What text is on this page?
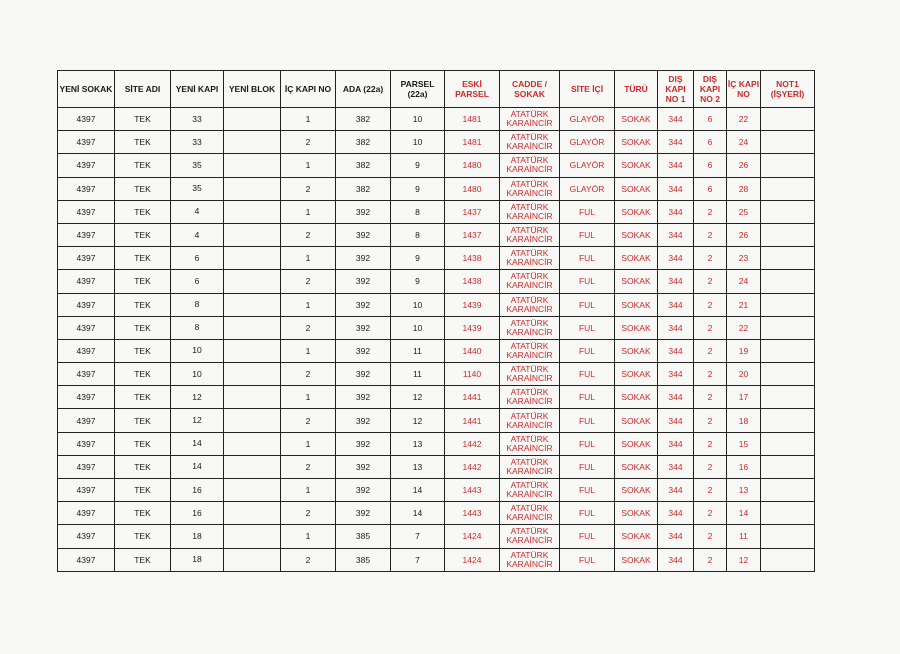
YENİ SOKAK	SİTE ADI	YENİ KAPI	YENİ BLOK	İÇ KAPI NO	ADA (22a)	PARSEL (22a)	ESKİ PARSEL	CADDE / SOKAK	SİTE İÇİ	TÜRÜ	DIŞ KAPI NO 1	DIŞ KAPI NO 2	İÇ KAPI NO	NOT1 (İŞYERİ)
4397	TEK	33		1	382	10	1481	ATATÜRK KARAİNCİR	GLAYÖR	SOKAK	344	6	22	
4397	TEK	33		2	382	10	1481	ATATÜRK KARAİNCİR	GLAYÖR	SOKAK	344	6	24	
4397	TEK	35		1	382	9	1480	ATATÜRK KARAİNCİR	GLAYÖR	SOKAK	344	6	26	
4397	TEK	35		2	382	9	1480	ATATÜRK KARAİNCİR	GLAYÖR	SOKAK	344	6	28	
4397	TEK	4		1	392	8	1437	ATATÜRK KARAİNCİR	FUL	SOKAK	344	2	25	
4397	TEK	4		2	392	8	1437	ATATÜRK KARAİNCİR	FUL	SOKAK	344	2	26	
4397	TEK	6		1	392	9	1438	ATATÜRK KARAİNCİR	FUL	SOKAK	344	2	23	
4397	TEK	6		2	392	9	1438	ATATÜRK KARAİNCİR	FUL	SOKAK	344	2	24	
4397	TEK	8		1	392	10	1439	ATATÜRK KARAİNCİR	FUL	SOKAK	344	2	21	
4397	TEK	8		2	392	10	1439	ATATÜRK KARAİNCİR	FUL	SOKAK	344	2	22	
4397	TEK	10		1	392	11	1440	ATATÜRK KARAİNCİR	FUL	SOKAK	344	2	19	
4397	TEK	10		2	392	11	1140	ATATÜRK KARAİNCİR	FUL	SOKAK	344	2	20	
4397	TEK	12		1	392	12	1441	ATATÜRK KARAİNCİR	FUL	SOKAK	344	2	17	
4397	TEK	12		2	392	12	1441	ATATÜRK KARAİNCİR	FUL	SOKAK	344	2	18	
4397	TEK	14		1	392	13	1442	ATATÜRK KARAİNCİR	FUL	SOKAK	344	2	15	
4397	TEK	14		2	392	13	1442	ATATÜRK KARAİNCİR	FUL	SOKAK	344	2	16	
4397	TEK	16		1	392	14	1443	ATATÜRK KARAİNCİR	FUL	SOKAK	344	2	13	
4397	TEK	16		2	392	14	1443	ATATÜRK KARAİNCİR	FUL	SOKAK	344	2	14	
4397	TEK	18		1	385	7	1424	ATATÜRK KARAİNCİR	FUL	SOKAK	344	2	11	
4397	TEK	18		2	385	7	1424	ATATÜRK KARAİNCİR	FUL	SOKAK	344	2	12	
